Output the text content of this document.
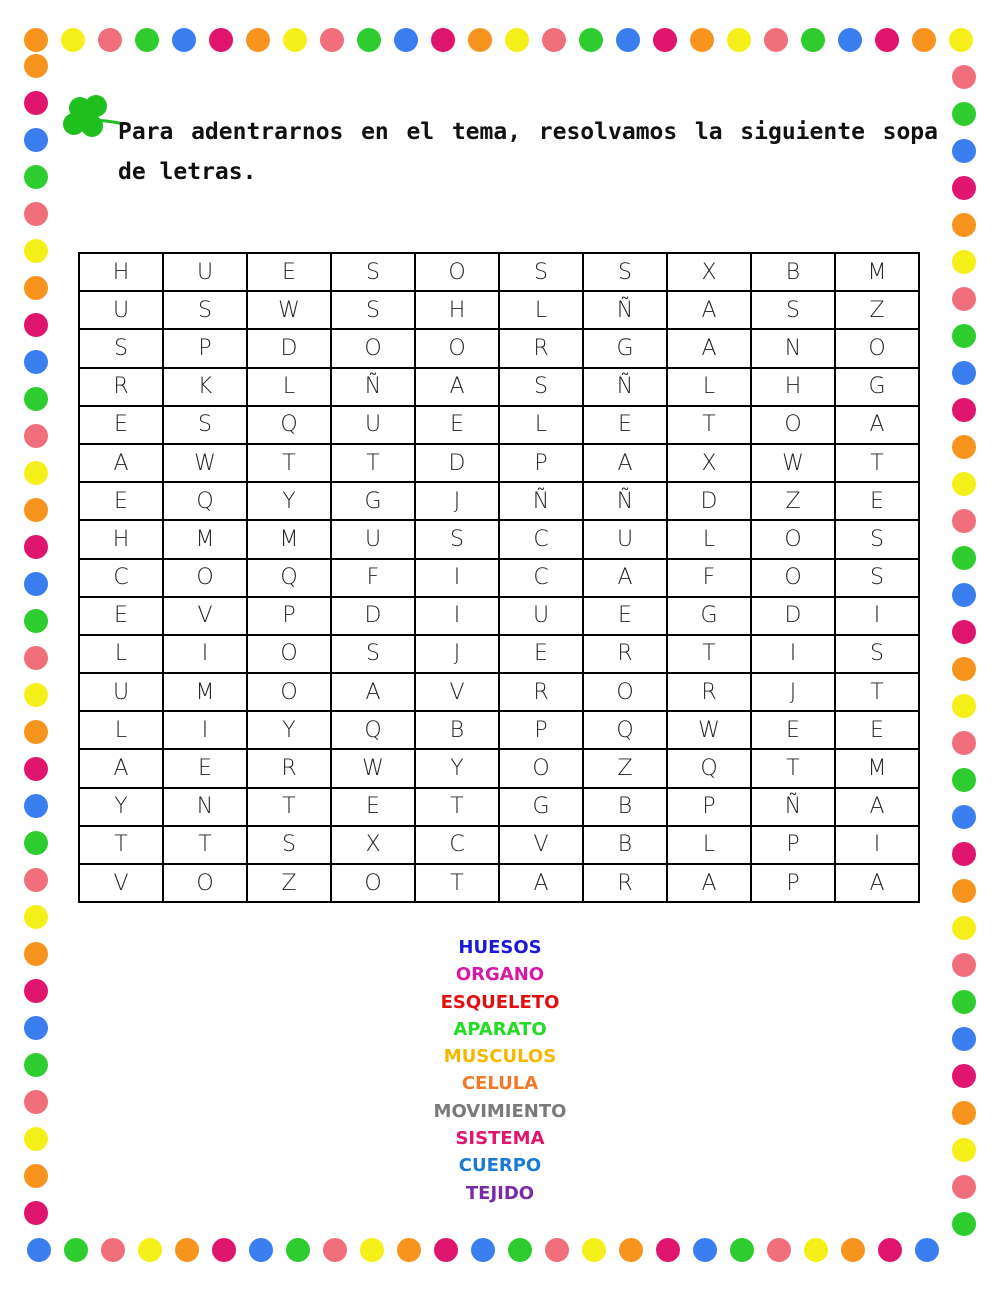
Para adentrarnos en el tema, resolvamos la siguiente sopa de letras.
H	U	E	S	O	S	S	X	B	M
U	S	W	S	H	L	Ñ	A	S	Z
S	P	D	O	O	R	G	A	N	O
R	K	L	Ñ	A	S	Ñ	L	H	G
E	S	Q	U	E	L	E	T	O	A
A	W	T	T	D	P	A	X	W	T
E	Q	Y	G	J	Ñ	Ñ	D	Z	E
H	M	M	U	S	C	U	L	O	S
C	O	Q	F	I	C	A	F	O	S
E	V	P	D	I	U	E	G	D	I
L	I	O	S	J	E	R	T	I	S
U	M	O	A	V	R	O	R	J	T
L	I	Y	Q	B	P	Q	W	E	E
A	E	R	W	Y	O	Z	Q	T	M
Y	N	T	E	T	G	B	P	Ñ	A
T	T	S	X	C	V	B	L	P	I
V	O	Z	O	T	A	R	A	P	A
HUESOS
ORGANO
ESQUELETO
APARATO
MUSCULOS
CELULA
MOVIMIENTO
SISTEMA
CUERPO
TEJIDO
